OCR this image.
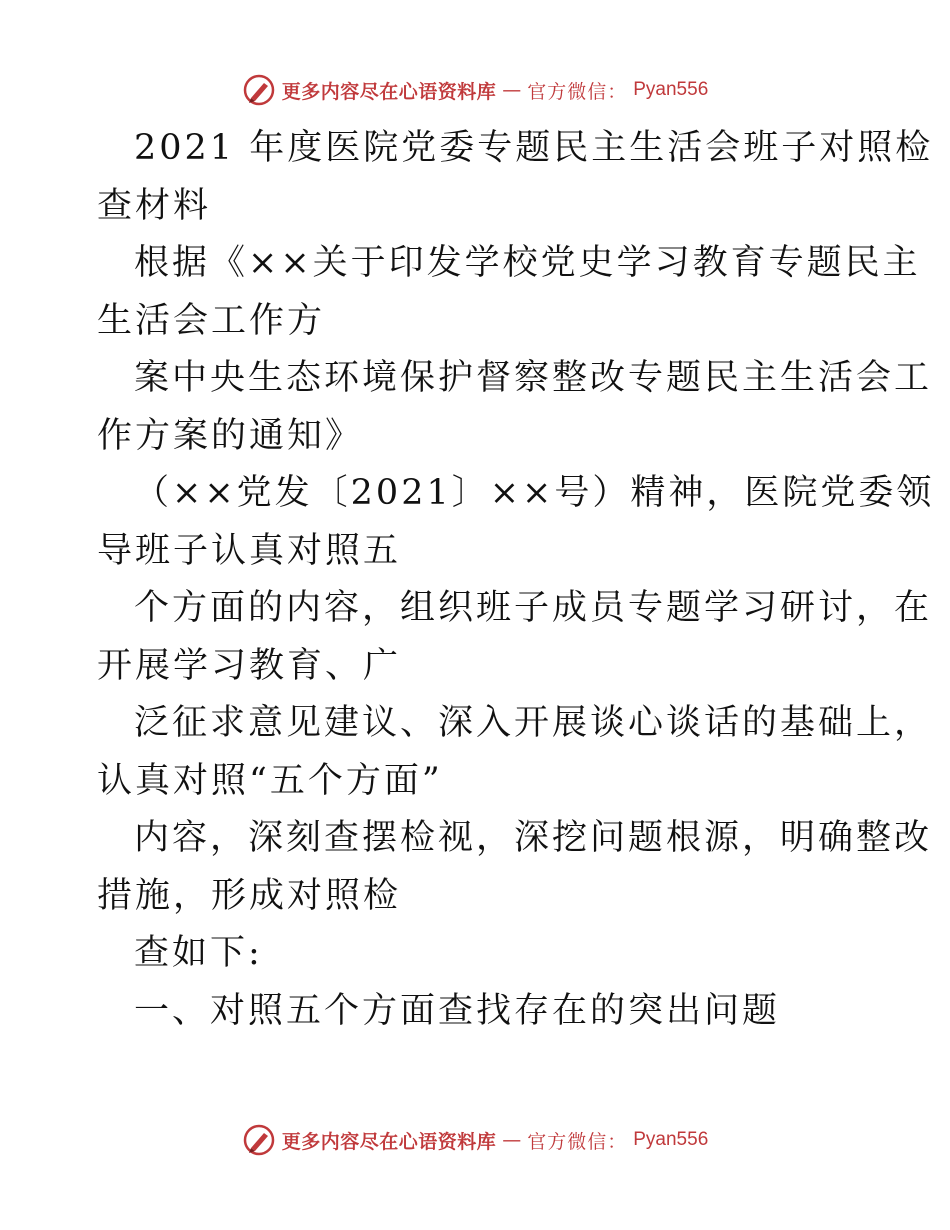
更多内容尽在心语资料库 — 官方微信： Pyan556
2021 年度医院党委专题民主生活会班子对照检
查材料
根据《××关于印发学校党史学习教育专题民主
生活会工作方
案中央生态环境保护督察整改专题民主生活会工
作方案的通知》
（××党发〔2021〕××号）精神，医院党委领
导班子认真对照五
个方面的内容，组织班子成员专题学习研讨，在
开展学习教育、广
泛征求意见建议、深入开展谈心谈话的基础上，
认真对照“五个方面”
内容，深刻查摆检视，深挖问题根源，明确整改
措施，形成对照检
查如下:
一、对照五个方面查找存在的突出问题
更多内容尽在心语资料库 — 官方微信： Pyan556
